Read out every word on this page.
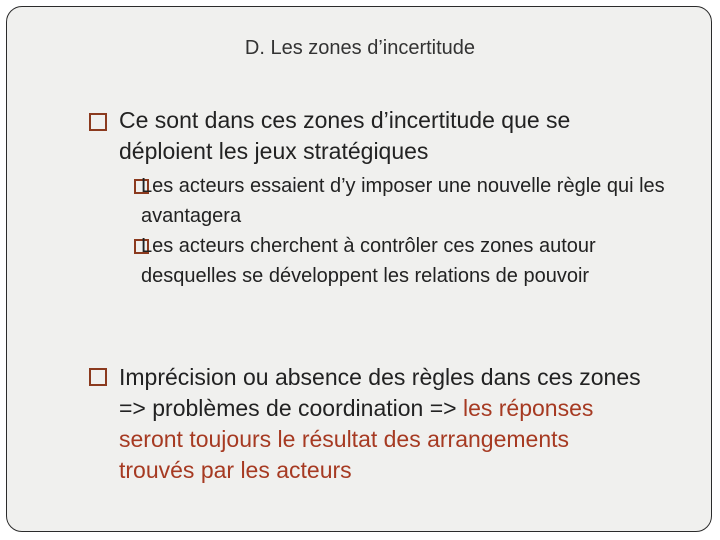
D. Les zones d’incertitude
Ce sont dans ces zones d’incertitude que se déploient les jeux stratégiques
Les acteurs essaient d’y imposer une nouvelle règle qui les avantagera
Les acteurs cherchent à contrôler ces zones autour desquelles se développent les relations de pouvoir
Imprécision ou absence des règles dans ces zones => problèmes de coordination => les réponses seront toujours le résultat des arrangements trouvés par les acteurs
